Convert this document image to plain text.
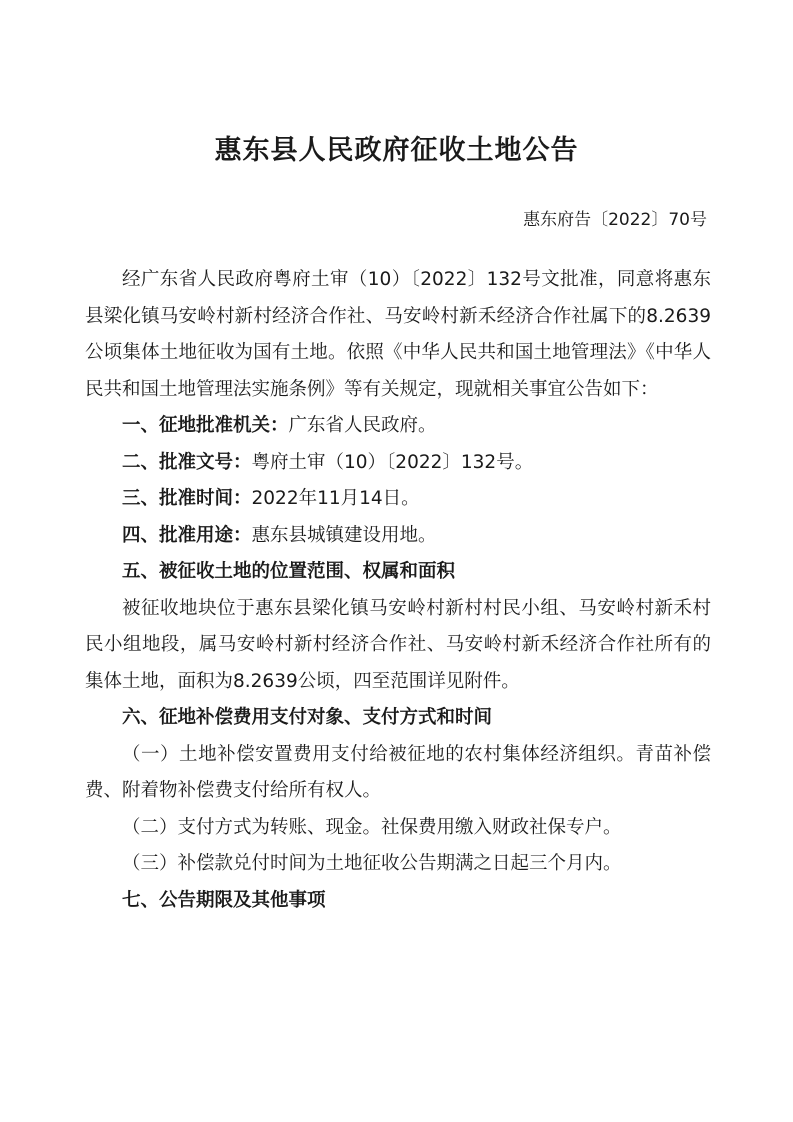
惠东县人民政府征收土地公告
惠东府告〔2022〕70号

经广东省人民政府粤府土审（10）〔2022〕132号文批准，同意将惠东县梁化镇马安岭村新村经济合作社、马安岭村新禾经济合作社属下的8.2639公顷集体土地征收为国有土地。依照《中华人民共和国土地管理法》《中华人民共和国土地管理法实施条例》等有关规定，现就相关事宜公告如下：

一、征地批准机关：广东省人民政府。

二、批准文号：粤府土审（10）〔2022〕132号。

三、批准时间：2022年11月14日。

四、批准用途：惠东县城镇建设用地。

五、被征收土地的位置范围、权属和面积

被征收地块位于惠东县梁化镇马安岭村新村村民小组、马安岭村新禾村民小组地段，属马安岭村新村经济合作社、马安岭村新禾经济合作社所有的集体土地，面积为8.2639公顷，四至范围详见附件。

六、征地补偿费用支付对象、支付方式和时间

（一）土地补偿安置费用支付给被征地的农村集体经济组织。青苗补偿费、附着物补偿费支付给所有权人。

（二）支付方式为转账、现金。社保费用缴入财政社保专户。

（三）补偿款兑付时间为土地征收公告期满之日起三个月内。

七、公告期限及其他事项
